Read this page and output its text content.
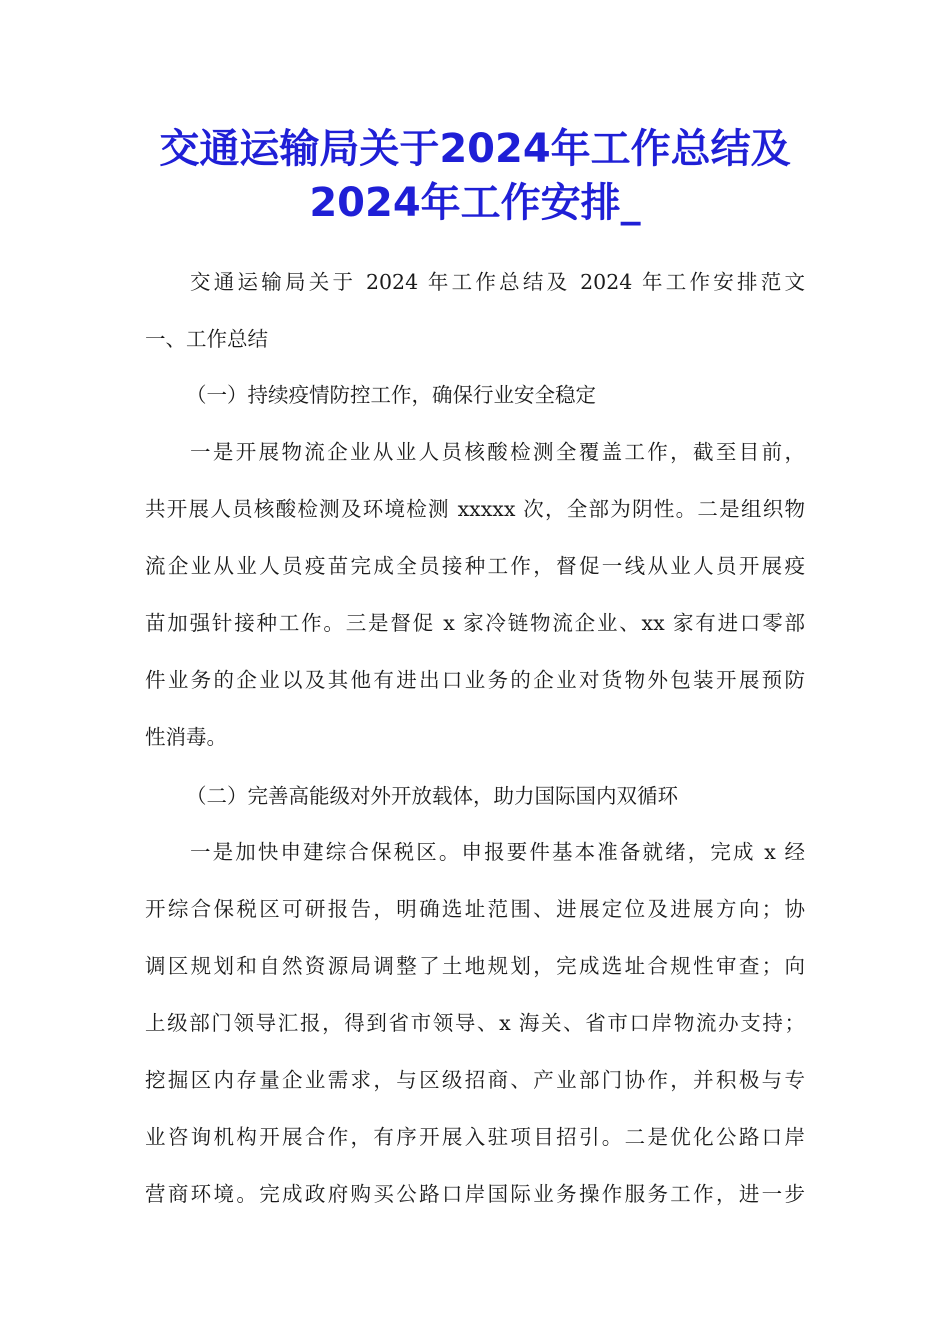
交通运输局关于2024年工作总结及
2024年工作安排_

交通运输局关于 2024 年工作总结及 2024 年工作安排范文

一、工作总结

（一）持续疫情防控工作，确保行业安全稳定

一是开展物流企业从业人员核酸检测全覆盖工作，截至目前，

共开展人员核酸检测及环境检测 xxxxx 次，全部为阴性。二是组织物

流企业从业人员疫苗完成全员接种工作，督促一线从业人员开展疫

苗加强针接种工作。三是督促 x 家冷链物流企业、xx 家有进口零部

件业务的企业以及其他有进出口业务的企业对货物外包装开展预防

性消毒。

（二）完善高能级对外开放载体，助力国际国内双循环

一是加快申建综合保税区。申报要件基本准备就绪，完成 x 经

开综合保税区可研报告，明确选址范围、进展定位及进展方向；协

调区规划和自然资源局调整了土地规划，完成选址合规性审查；向

上级部门领导汇报，得到省市领导、x 海关、省市口岸物流办支持；

挖掘区内存量企业需求，与区级招商、产业部门协作，并积极与专

业咨询机构开展合作，有序开展入驻项目招引。二是优化公路口岸

营商环境。完成政府购买公路口岸国际业务操作服务工作，进一步
